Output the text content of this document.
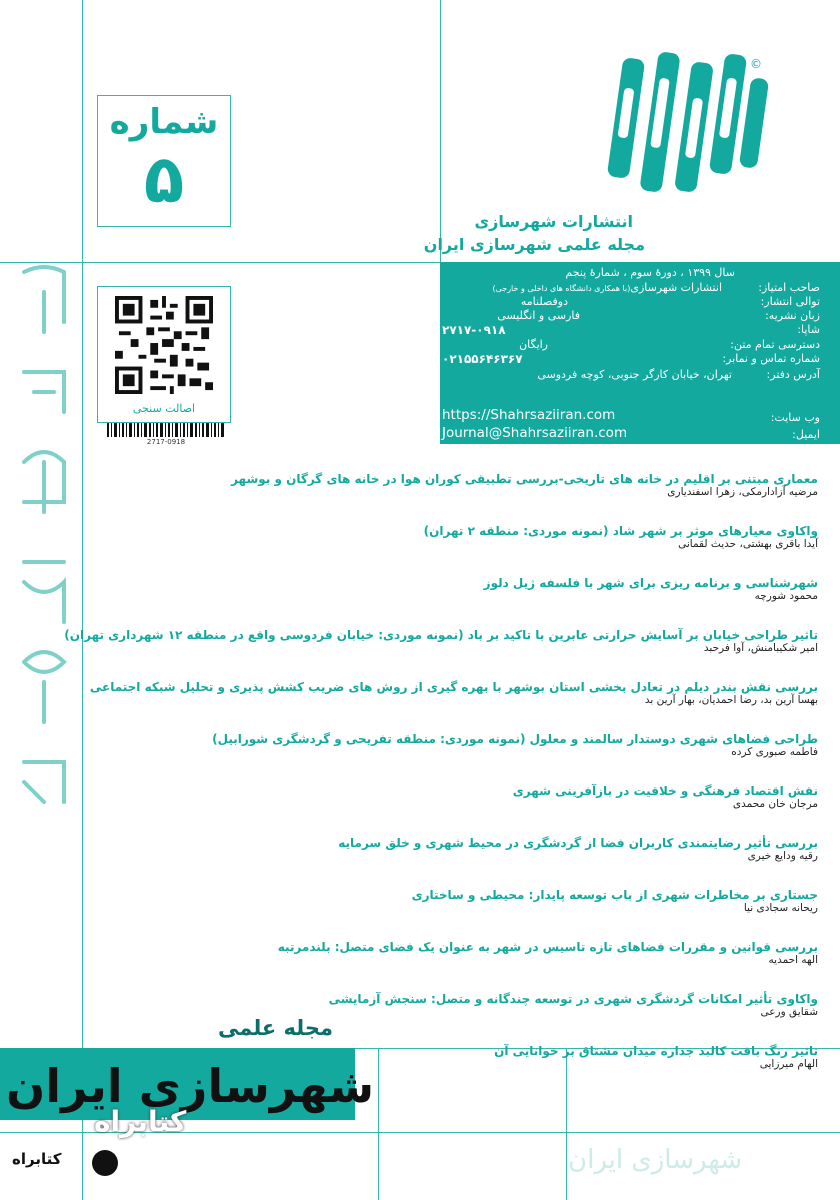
©
انتشارات شهرسازی
مجله علمی شهرسازی ایران
شماره
۵
اصالت سنجی
2717-0918
سال ۱۳۹۹ ، دورهٔ سوم ، شمارهٔ پنجم
صاحب امتیاز:
انتشارات شهرسازی(با همکاری دانشگاه های داخلی و خارجی)
توالی انتشار:
دوفصلنامه
زبان نشریه:
فارسی و انگلیسی
شاپا:
۲۷۱۷-۰۹۱۸
دسترسی تمام متن:
رایگان
شماره تماس و نمابر:
۰۲۱۵۵۶۴۶۳۶۷
آدرس دفتر:
تهران، خیابان کارگر جنوبی، کوچه فردوسی
وب سایت:
https://Shahrsaziiran.com
ایمیل:
Journal@Shahrsaziiran.com
معماری مبتنی بر اقلیم در خانه های تاریخی-بررسی تطبیقی کوران هوا در خانه های گرگان و بوشهر
مرضیه آزادارمکی، زهرا اسفندیاری
واکاوی معیارهای موثر بر شهر شاد (نمونه موردی: منطقه ۲ تهران)
آیدا باقری بهشتی، حدیث لقمانی
شهرشناسی و برنامه ریزی برای شهر با فلسفه ژیل دلوز
محمود شورچه
تاثیر طراحی خیابان بر آسایش حرارتی عابرین با تاکید بر باد (نمونه موردی: خیابان فردوسی واقع در منطقه ۱۲ شهرداری تهران)
امیر شکیبامنش، آوا فرحبد
بررسی نقش بندر دیلم در تعادل بخشی استان بوشهر با بهره گیری از روش های ضریب کشش پذیری و تحلیل شبکه اجتماعی
بهسا آرین بد، رضا احمدیان، بهار آرین بد
طراحی فضاهای شهری دوستدار سالمند و معلول (نمونه موردی: منطقه تفریحی و گردشگری شورابیل)
فاطمه صبوری کرده
نقش اقتصاد فرهنگی و خلاقیت در بازآفرینی شهری
مرجان خان محمدی
بررسی تأثیر رضایتمندی کاربران فضا از گردشگری در محیط شهری و خلق سرمایه
رقیه ودایع خیری
جستاری بر مخاطرات شهری از باب توسعه پایدار: محیطی و ساختاری
ریحانه سجادی نیا
بررسی قوانین و مقررات فضاهای تازه تاسیس در شهر به عنوان یک فضای متصل: بلندمرتبه
الهه احمدیه
واکاوی تأثیر امکانات گردشگری شهری در توسعه چندگانه و متصل: سنجش آزمایشی
شقایق ورعی
تاثیر رنگ بافت کالبد جداره میدان مشتاق بر خوانایی آن
الهام میرزایی
مجله علمی
شهرسازی ایران
کتابراه
کتابراه	شهرسازی ایران
